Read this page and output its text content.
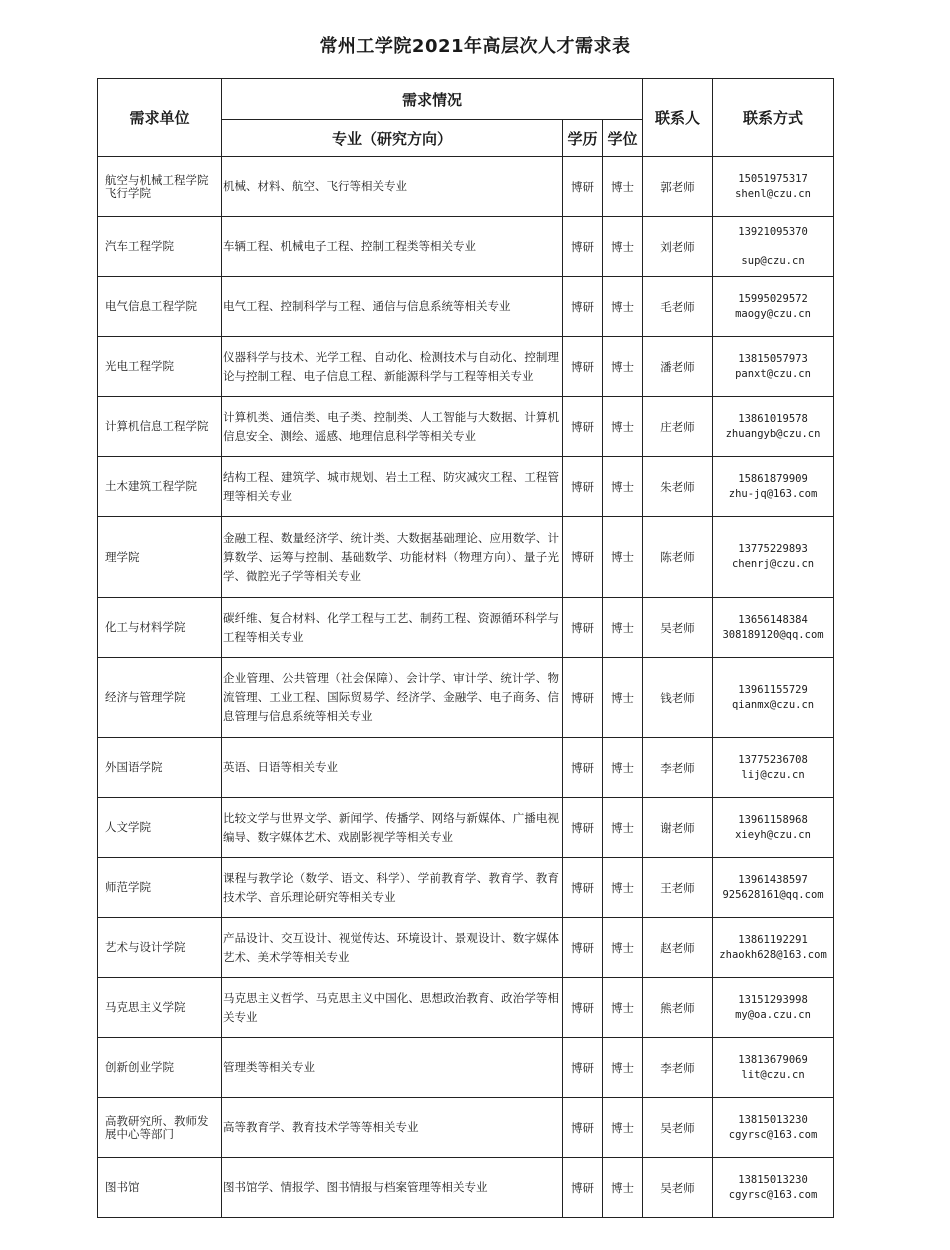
常州工学院2021年高层次人才需求表
需求单位	需求情况			联系人	联系方式
	专业（研究方向）	学历	学位		
航空与机械工程学院飞行学院	机械、材料、航空、飞行等相关专业	博研	博士	郭老师	15051975317
shenl@czu.cn

汽车工程学院	车辆工程、机械电子工程、控制工程类等相关专业	博研	博士	刘老师	13921095370
sup@czu.cn

电气信息工程学院	电气工程、控制科学与工程、通信与信息系统等相关专业	博研	博士	毛老师	15995029572
maogy@czu.cn

光电工程学院	仪器科学与技术、光学工程、自动化、检测技术与自动化、控制理论与控制工程、电子信息工程、新能源科学与工程等相关专业	博研	博士	潘老师	13815057973
panxt@czu.cn

计算机信息工程学院	计算机类、通信类、电子类、控制类、人工智能与大数据、计算机信息安全、测绘、遥感、地理信息科学等相关专业	博研	博士	庄老师	13861019578
zhuangyb@czu.cn

土木建筑工程学院	结构工程、建筑学、城市规划、岩土工程、防灾减灾工程、工程管理等相关专业	博研	博士	朱老师	15861879909
zhu-jq@163.com

理学院	金融工程、数量经济学、统计类、大数据基础理论、应用数学、计算数学、运筹与控制、基础数学、功能材料（物理方向）、量子光学、微腔光子学等相关专业	博研	博士	陈老师	13775229893
chenrj@czu.cn

化工与材料学院	碳纤维、复合材料、化学工程与工艺、制药工程、资源循环科学与工程等相关专业	博研	博士	吴老师	13656148384
308189120@qq.com

经济与管理学院	企业管理、公共管理（社会保障）、会计学、审计学、统计学、物流管理、工业工程、国际贸易学、经济学、金融学、电子商务、信息管理与信息系统等相关专业	博研	博士	钱老师	13961155729
qianmx@czu.cn

外国语学院	英语、日语等相关专业	博研	博士	李老师	13775236708
lij@czu.cn

人文学院	比较文学与世界文学、新闻学、传播学、网络与新媒体、广播电视编导、数字媒体艺术、戏剧影视学等相关专业	博研	博士	谢老师	13961158968
xieyh@czu.cn

师范学院	课程与教学论（数学、语文、科学）、学前教育学、教育学、教育技术学、音乐理论研究等相关专业	博研	博士	王老师	13961438597
925628161@qq.com

艺术与设计学院	产品设计、交互设计、视觉传达、环境设计、景观设计、数字媒体艺术、美术学等相关专业	博研	博士	赵老师	13861192291
zhaokh628@163.com

马克思主义学院	马克思主义哲学、马克思主义中国化、思想政治教育、政治学等相关专业	博研	博士	熊老师	13151293998
my@oa.czu.cn

创新创业学院	管理类等相关专业	博研	博士	李老师	13813679069
lit@czu.cn

高教研究所、教师发展中心等部门	高等教育学、教育技术学等等相关专业	博研	博士	吴老师	13815013230
cgyrsc@163.com

图书馆	图书馆学、情报学、图书情报与档案管理等相关专业	博研	博士	吴老师	13815013230
cgyrsc@163.com
